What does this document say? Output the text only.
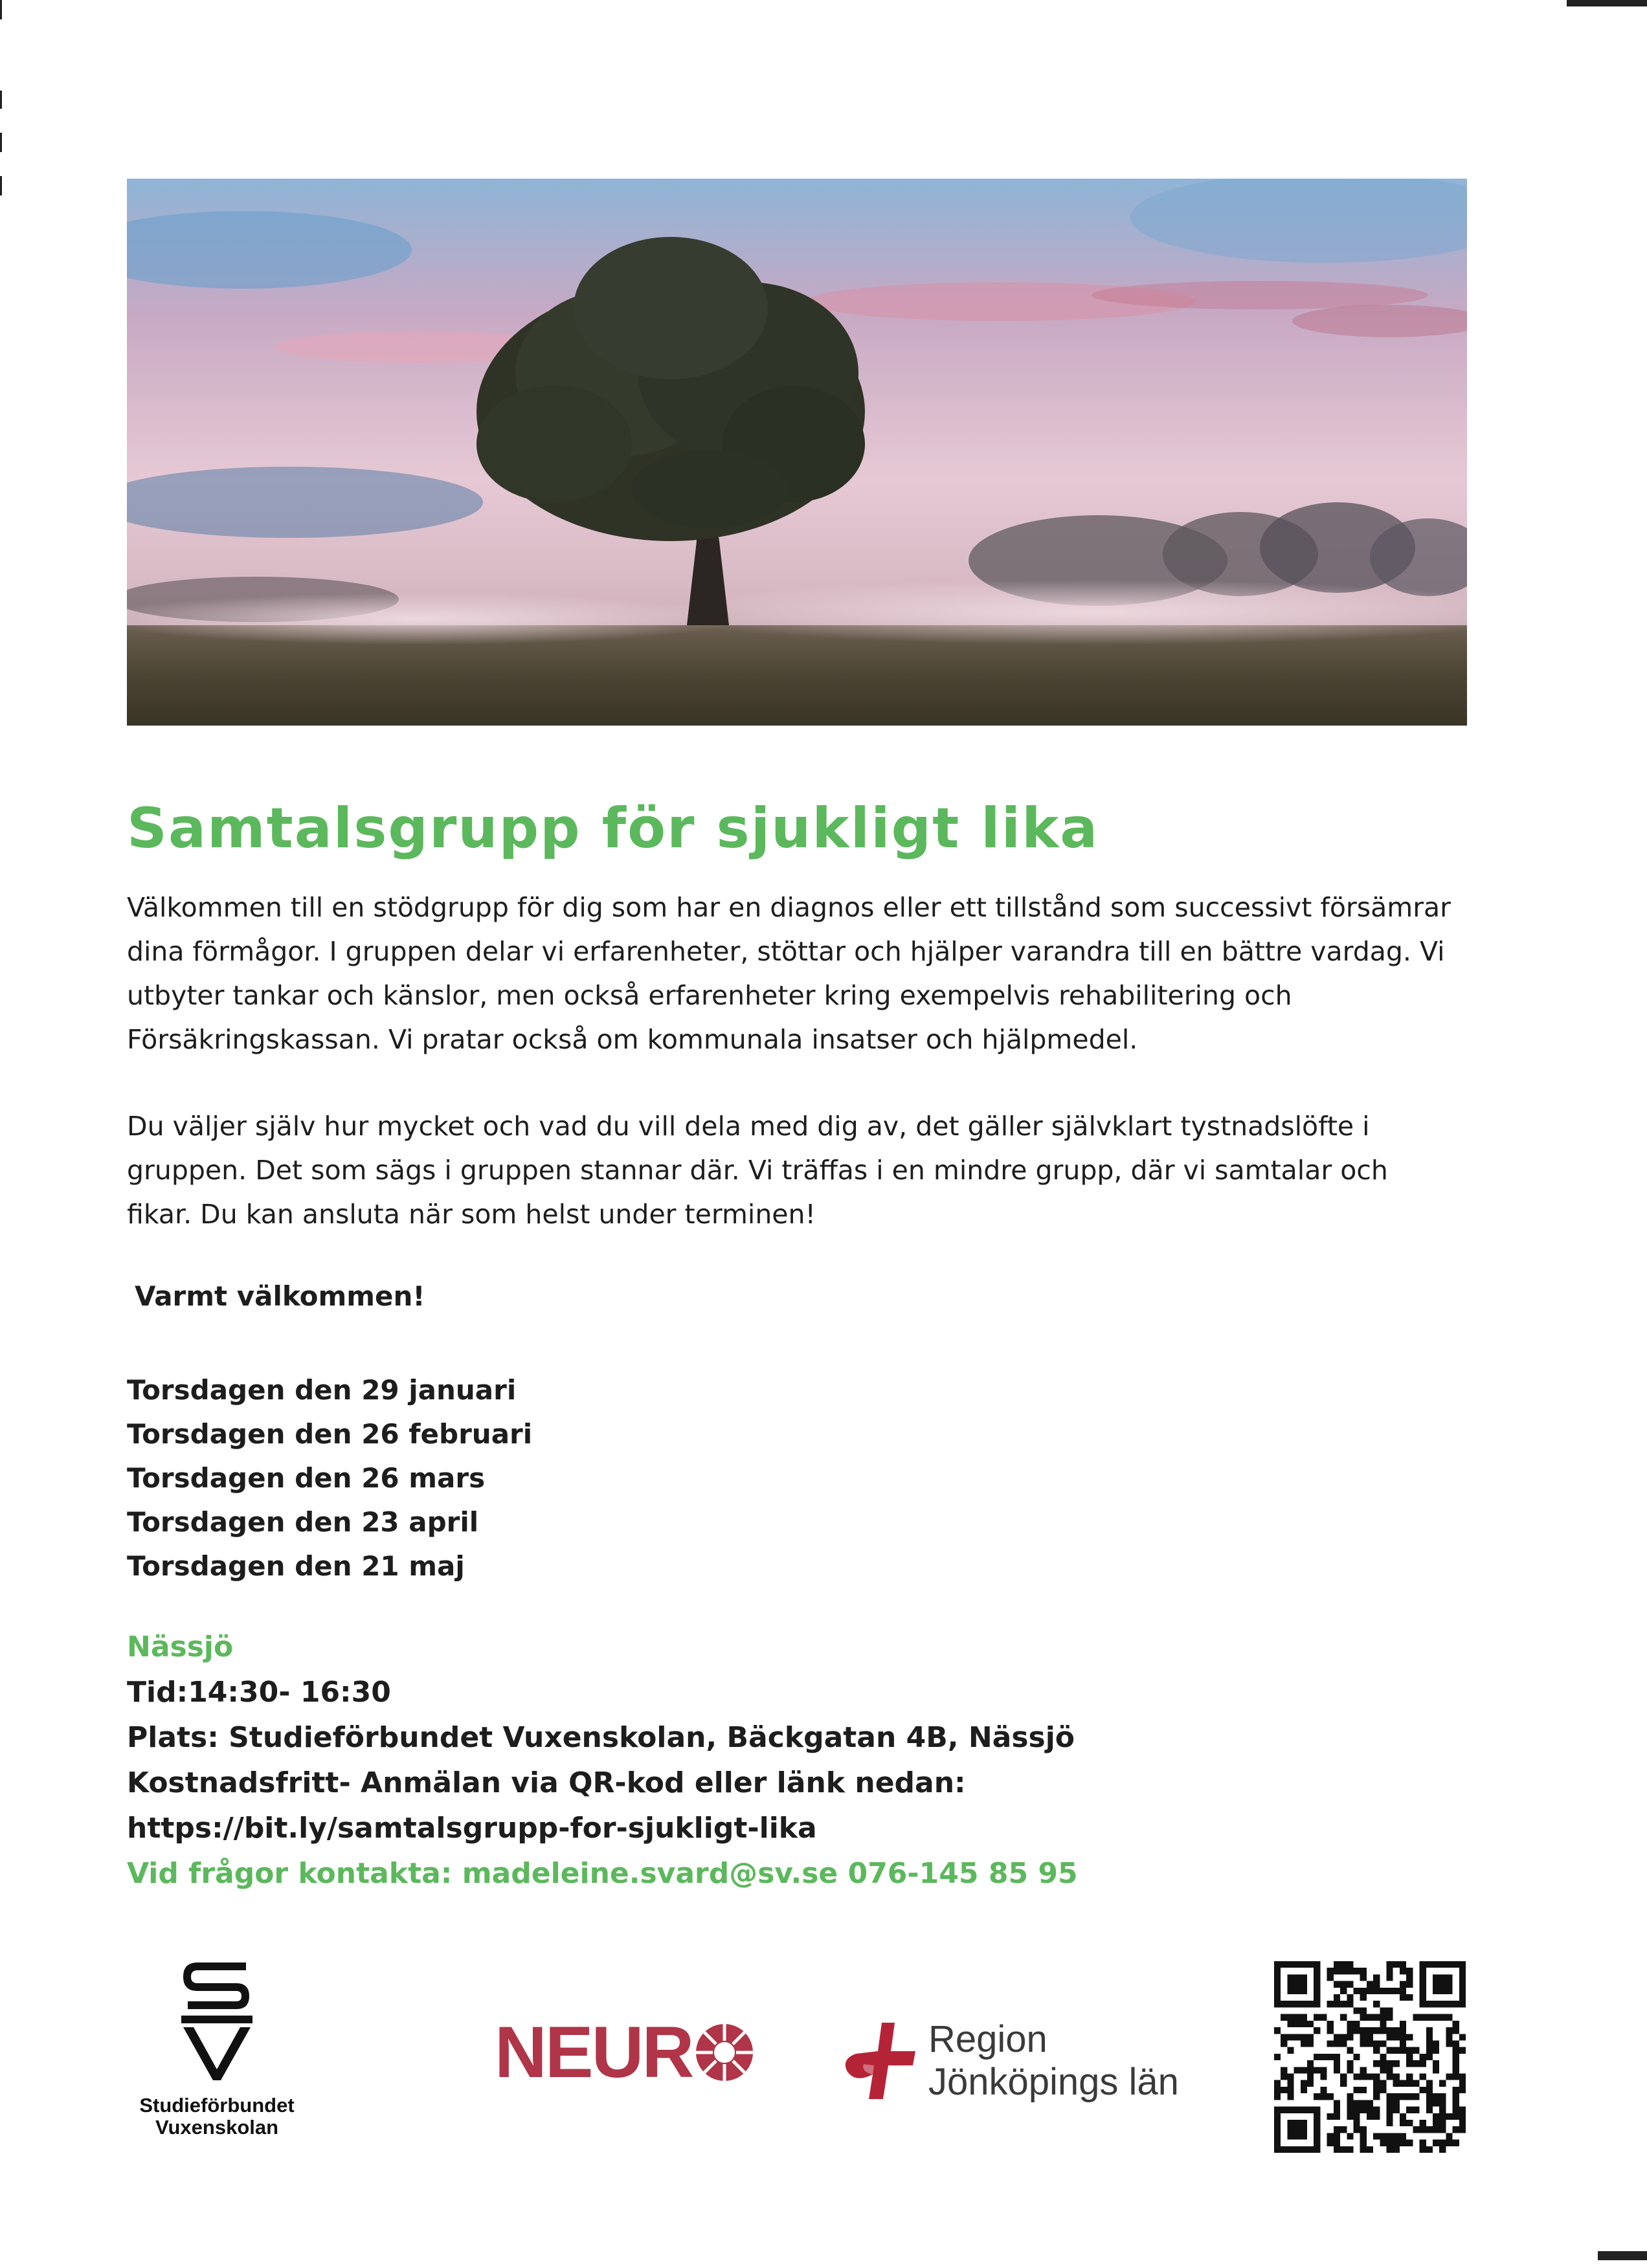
Samtalsgrupp för sjukligt lika

Välkommen till en stödgrupp för dig som har en diagnos eller ett tillstånd som successivt försämrar

dina förmågor. I gruppen delar vi erfarenheter, stöttar och hjälper varandra till en bättre vardag. Vi

utbyter tankar och känslor, men också erfarenheter kring exempelvis rehabilitering och

Försäkringskassan. Vi pratar också om kommunala insatser och hjälpmedel.

Du väljer själv hur mycket och vad du vill dela med dig av, det gäller självklart tystnadslöfte i

gruppen. Det som sägs i gruppen stannar där. Vi träffas i en mindre grupp, där vi samtalar och

fikar. Du kan ansluta när som helst under terminen!

Varmt välkommen!
Torsdagen den 29 januari
Torsdagen den 26 februari
Torsdagen den 26 mars
Torsdagen den 23 april
Torsdagen den 21 maj
Nässjö
Tid:14:30- 16:30
Plats: Studieförbundet Vuxenskolan, Bäckgatan 4B, Nässjö
Kostnadsfritt- Anmälan via QR-kod eller länk nedan:
https://bit.ly/samtalsgrupp-for-sjukligt-lika
Vid frågor kontakta: madeleine.svard@sv.se 076-145 85 95
Studieförbundet
Vuxenskolan
NEUR	Region
Jönköpings län
